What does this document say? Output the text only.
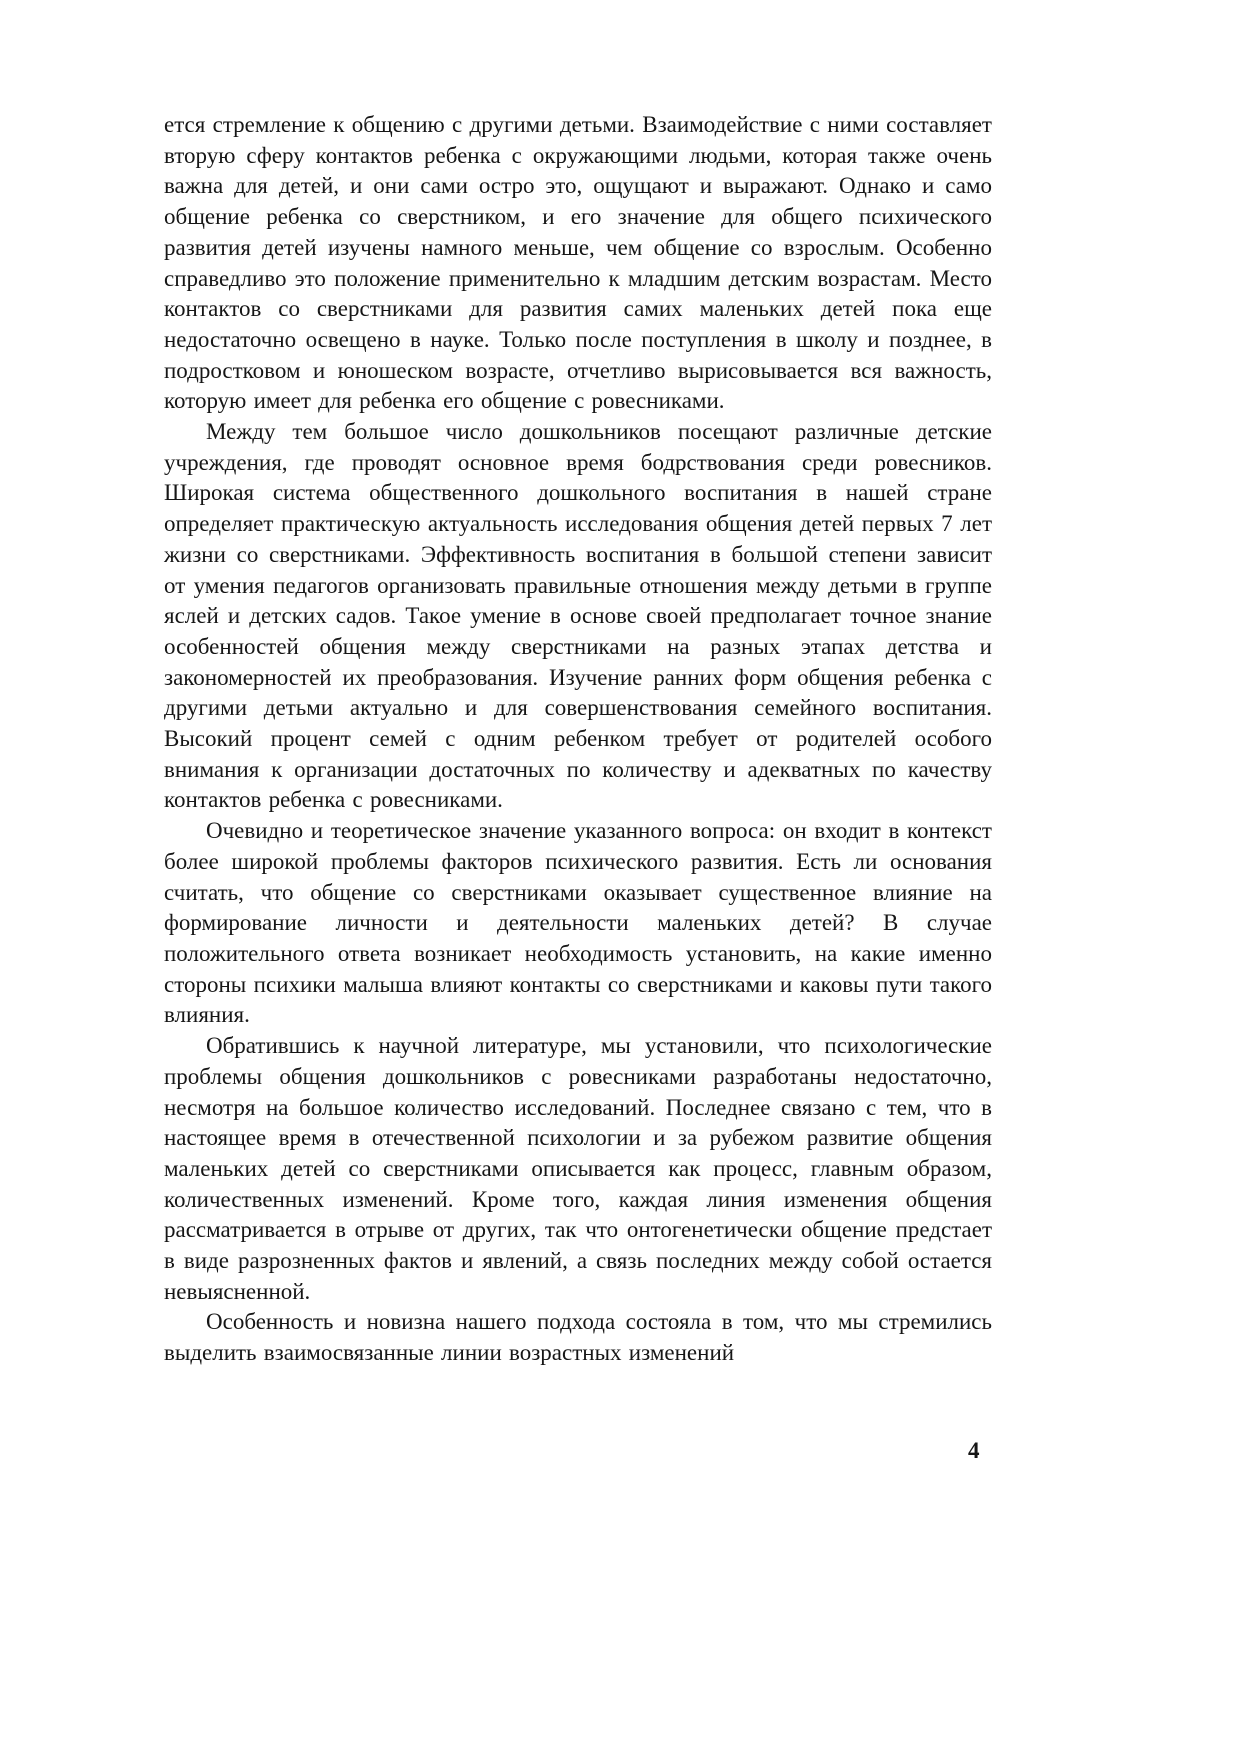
ется стремление к общению с другими детьми. Взаимодействие с ними составляет вторую сферу контактов ребенка с окружающими людьми, которая также очень важна для детей, и они сами остро это, ощущают и выражают. Однако и само общение ребенка со сверстником, и его значение для общего психического развития детей изучены намного меньше, чем общение со взрослым. Особенно справедливо это положение применительно к младшим детским возрастам. Место контактов со сверстниками для развития самих маленьких детей пока еще недостаточно освещено в науке. Только после поступления в школу и позднее, в подростковом и юношеском возрасте, отчетливо вырисовывается вся важность, которую имеет для ребенка его общение с ровесниками.

Между тем большое число дошкольников посещают различные детские учреждения, где проводят основное время бодрствования среди ровесников. Широкая система общественного дошкольного воспитания в нашей стране определяет практическую актуальность исследования общения детей первых 7 лет жизни со сверстниками. Эффективность воспитания в большой степени зависит от умения педагогов организовать правильные отношения между детьми в группе яслей и детских садов. Такое умение в основе своей предполагает точное знание особенностей общения между сверстниками на разных этапах детства и закономерностей их преобразования. Изучение ранних форм общения ребенка с другими детьми актуально и для совершенствования семейного воспитания. Высокий процент семей с одним ребенком требует от родителей особого внимания к организации достаточных по количеству и адекватных по качеству контактов ребенка с ровесниками.

Очевидно и теоретическое значение указанного вопроса: он входит в контекст более широкой проблемы факторов психического развития. Есть ли основания считать, что общение со сверстниками оказывает существенное влияние на формирование личности и деятельности маленьких детей? В случае положительного ответа возникает необходимость установить, на какие именно стороны психики малыша влияют контакты со сверстниками и каковы пути такого влияния.

Обратившись к научной литературе, мы установили, что психологические проблемы общения дошкольников с ровесниками разработаны недостаточно, несмотря на большое количество исследований. Последнее связано с тем, что в настоящее время в отечественной психологии и за рубежом развитие общения маленьких детей со сверстниками описывается как процесс, главным образом, количественных изменений. Кроме того, каждая линия изменения общения рассматривается в отрыве от других, так что онтогенетически общение предстает в виде разрозненных фактов и явлений, а связь последних между собой остается невыясненной.

Особенность и новизна нашего подхода состояла в том, что мы стремились выделить взаимосвязанные линии возрастных изменений

4
